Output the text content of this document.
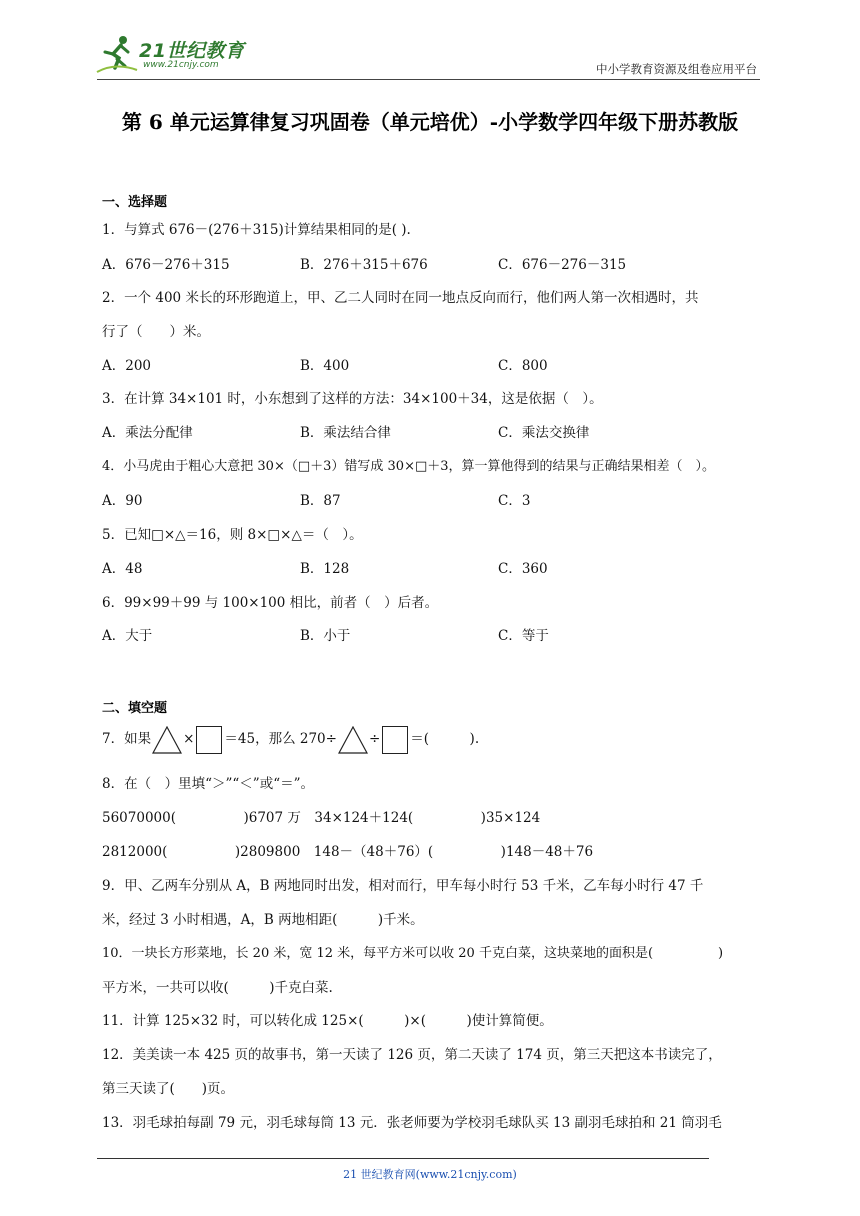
21世纪教育
www.21cnjy.com	中小学教育资源及组卷应用平台
第 6 单元运算律复习巩固卷（单元培优）-小学数学四年级下册苏教版
一、选择题
1．与算式 676－(276＋315)计算结果相同的是( ).
A．676－276＋315	B．276＋315＋676	C．676－276－315
2．一个 400 米长的环形跑道上，甲、乙二人同时在同一地点反向而行，他们两人第一次相遇时，共
行了（　　）米。
A．200	B．400	C．800
3．在计算 34×101 时，小东想到了这样的方法：34×100＋34，这是依据（　）。
A．乘法分配律	B．乘法结合律	C．乘法交换律
4．小马虎由于粗心大意把 30×（□＋3）错写成 30×□＋3，算一算他得到的结果与正确结果相差（　）。
A．90	B．87	C．3
5．已知□×△＝16，则 8×□×△＝（　）。
A．48	B．128	C．360
6．99×99＋99 与 100×100 相比，前者（　）后者。
A．大于	B．小于	C．等于
二、填空题
7．如果 × ＝45，那么 270÷ ÷ ＝(　　　).
8．在（　）里填“＞”“＜”或“＝”。
56070000(　　　　　)6707 万　34×124＋124(　　　　　)35×124
2812000(　　　　　)2809800　148－（48＋76）(　　　　　)148－48＋76
9．甲、乙两车分别从 A，B 两地同时出发，相对而行，甲车每小时行 53 千米，乙车每小时行 47 千
米，经过 3 小时相遇，A，B 两地相距(　　　)千米。
10．一块长方形菜地，长 20 米，宽 12 米，每平方米可以收 20 千克白菜，这块菜地的面积是(　　　　　)
平方米，一共可以收(　　　)千克白菜.
11．计算 125×32 时，可以转化成 125×(　　　)×(　　　)使计算简便。
12．美美读一本 425 页的故事书，第一天读了 126 页，第二天读了 174 页，第三天把这本书读完了，
第三天读了(　　)页。
13．羽毛球拍每副 79 元，羽毛球每筒 13 元．张老师要为学校羽毛球队买 13 副羽毛球拍和 21 筒羽毛
21 世纪教育网(www.21cnjy.com)
